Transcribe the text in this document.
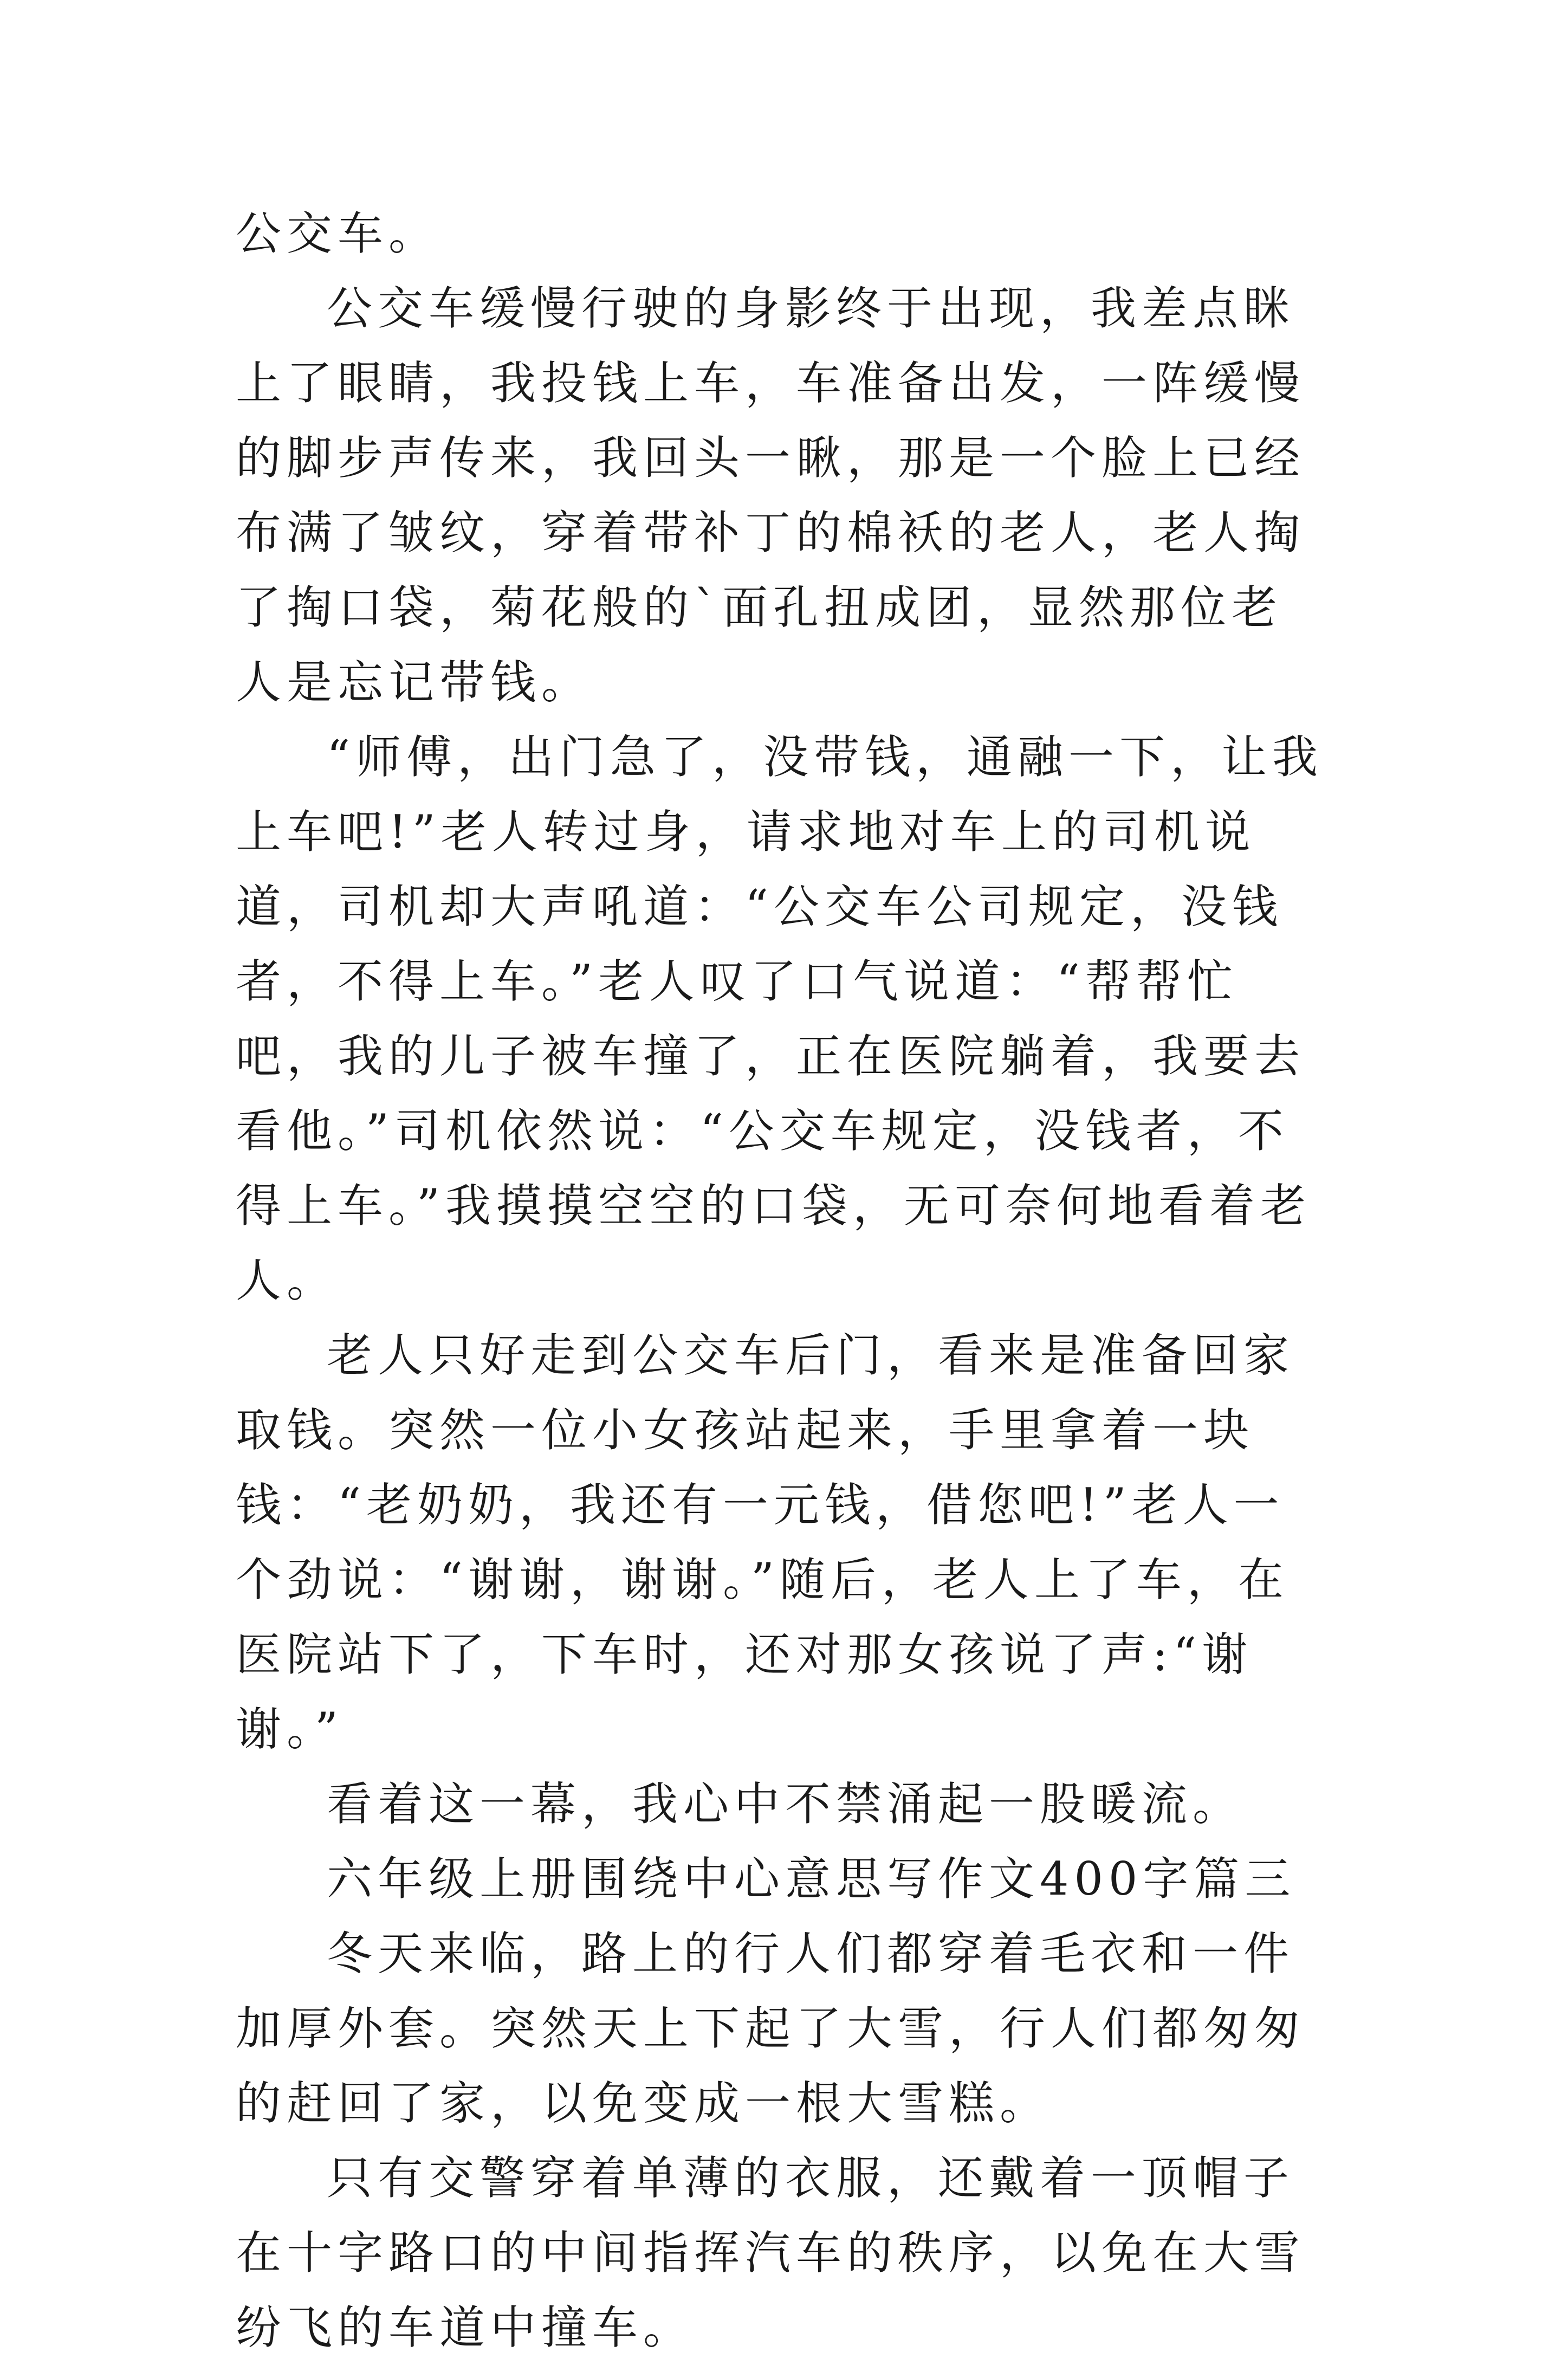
公交车。

公交车缓慢行驶的身影终于出现，我差点眯上了眼睛，我投钱上车，车准备出发，一阵缓慢的脚步声传来，我回头一瞅，那是一个脸上已经布满了皱纹，穿着带补丁的棉袄的老人，老人掏了掏口袋，菊花般的`面孔扭成团，显然那位老人是忘记带钱。

“师傅，出门急了，没带钱，通融一下，让我上车吧!”老人转过身，请求地对车上的司机说道，司机却大声吼道：“公交车公司规定，没钱者，不得上车。”老人叹了口气说道：“帮帮忙吧，我的儿子被车撞了，正在医院躺着，我要去看他。”司机依然说：“公交车规定，没钱者，不得上车。”我摸摸空空的口袋，无可奈何地看着老人。

老人只好走到公交车后门，看来是准备回家取钱。突然一位小女孩站起来，手里拿着一块钱：“老奶奶，我还有一元钱，借您吧!”老人一个劲说：“谢谢，谢谢。”随后，老人上了车，在医院站下了，下车时，还对那女孩说了声:“谢谢。”

看着这一幕，我心中不禁涌起一股暖流。

六年级上册围绕中心意思写作文400字篇三

冬天来临，路上的行人们都穿着毛衣和一件加厚外套。突然天上下起了大雪，行人们都匆匆的赶回了家，以免变成一根大雪糕。

只有交警穿着单薄的衣服，还戴着一顶帽子在十字路口的中间指挥汽车的秩序，以免在大雪纷飞的车道中撞车。
